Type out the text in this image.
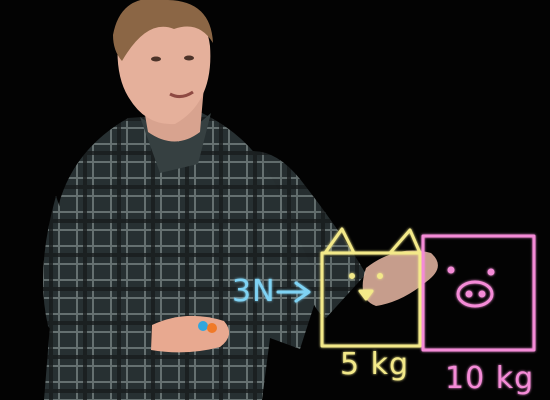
3N
5 kg 10 kg
